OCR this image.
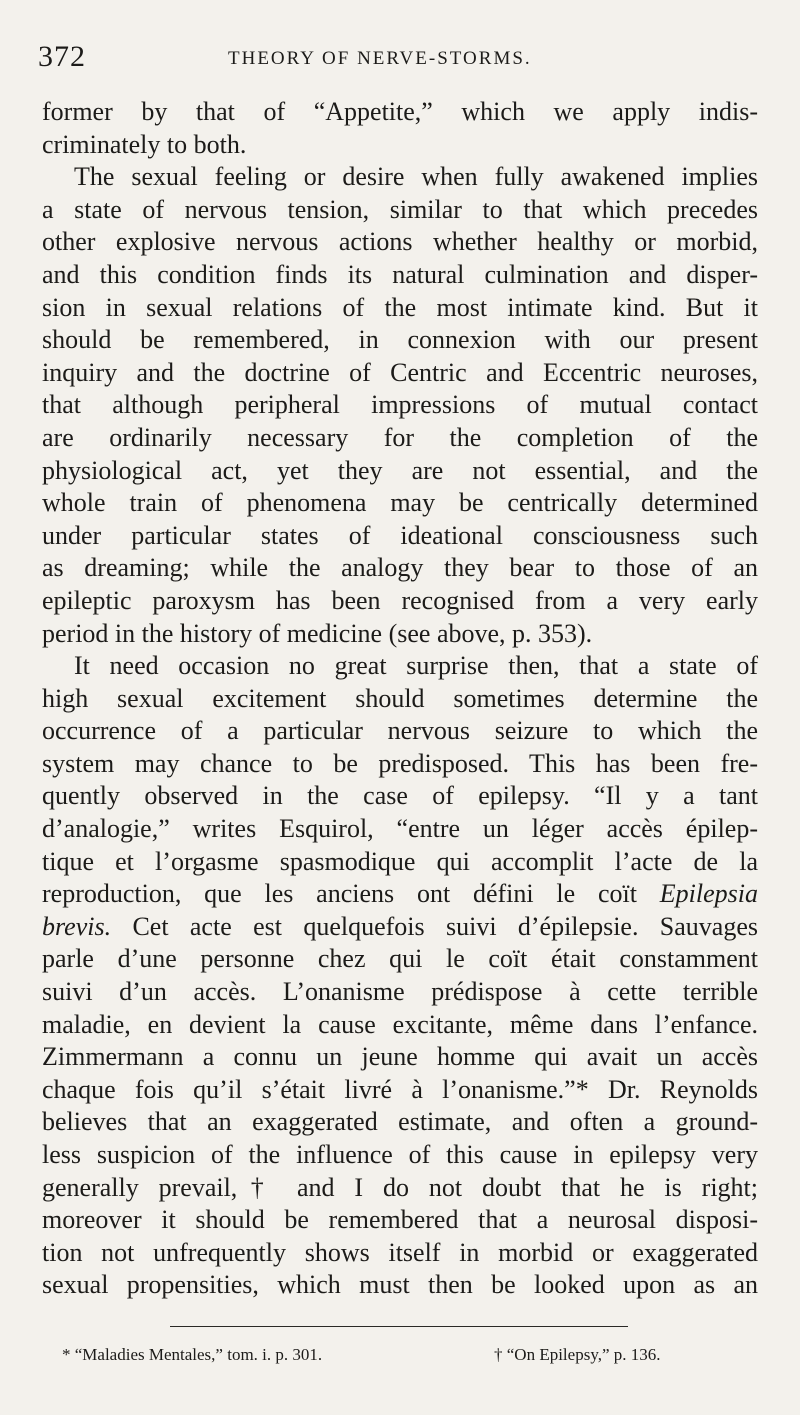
372	THEORY OF NERVE-STORMS.
former by that of “Appetite,” which we apply indis-
criminately to both.
The sexual feeling or desire when fully awakened implies
a state of nervous tension, similar to that which precedes
other explosive nervous actions whether healthy or morbid,
and this condition finds its natural culmination and disper-
sion in sexual relations of the most intimate kind. But it
should be remembered, in connexion with our present
inquiry and the doctrine of Centric and Eccentric neuroses,
that although peripheral impressions of mutual contact
are ordinarily necessary for the completion of the
physiological act, yet they are not essential, and the
whole train of phenomena may be centrically determined
under particular states of ideational consciousness such
as dreaming; while the analogy they bear to those of an
epileptic paroxysm has been recognised from a very early
period in the history of medicine (see above, p. 353).
It need occasion no great surprise then, that a state of
high sexual excitement should sometimes determine the
occurrence of a particular nervous seizure to which the
system may chance to be predisposed. This has been fre-
quently observed in the case of epilepsy. “Il y a tant
d’analogie,” writes Esquirol, “entre un léger accès épilep-
tique et l’orgasme spasmodique qui accomplit l’acte de la
reproduction, que les anciens ont défini le coït Epilepsia
brevis. Cet acte est quelquefois suivi d’épilepsie. Sauvages
parle d’une personne chez qui le coït était constamment
suivi d’un accès. L’onanisme prédispose à cette terrible
maladie, en devient la cause excitante, même dans l’enfance.
Zimmermann a connu un jeune homme qui avait un accès
chaque fois qu’il s’était livré à l’onanisme.”* Dr. Reynolds
believes that an exaggerated estimate, and often a ground-
less suspicion of the influence of this cause in epilepsy very
generally prevail,† and I do not doubt that he is right;
moreover it should be remembered that a neurosal disposi-
tion not unfrequently shows itself in morbid or exaggerated
sexual propensities, which must then be looked upon as an
* “Maladies Mentales,” tom. i. p. 301.	† “On Epilepsy,” p. 136.
